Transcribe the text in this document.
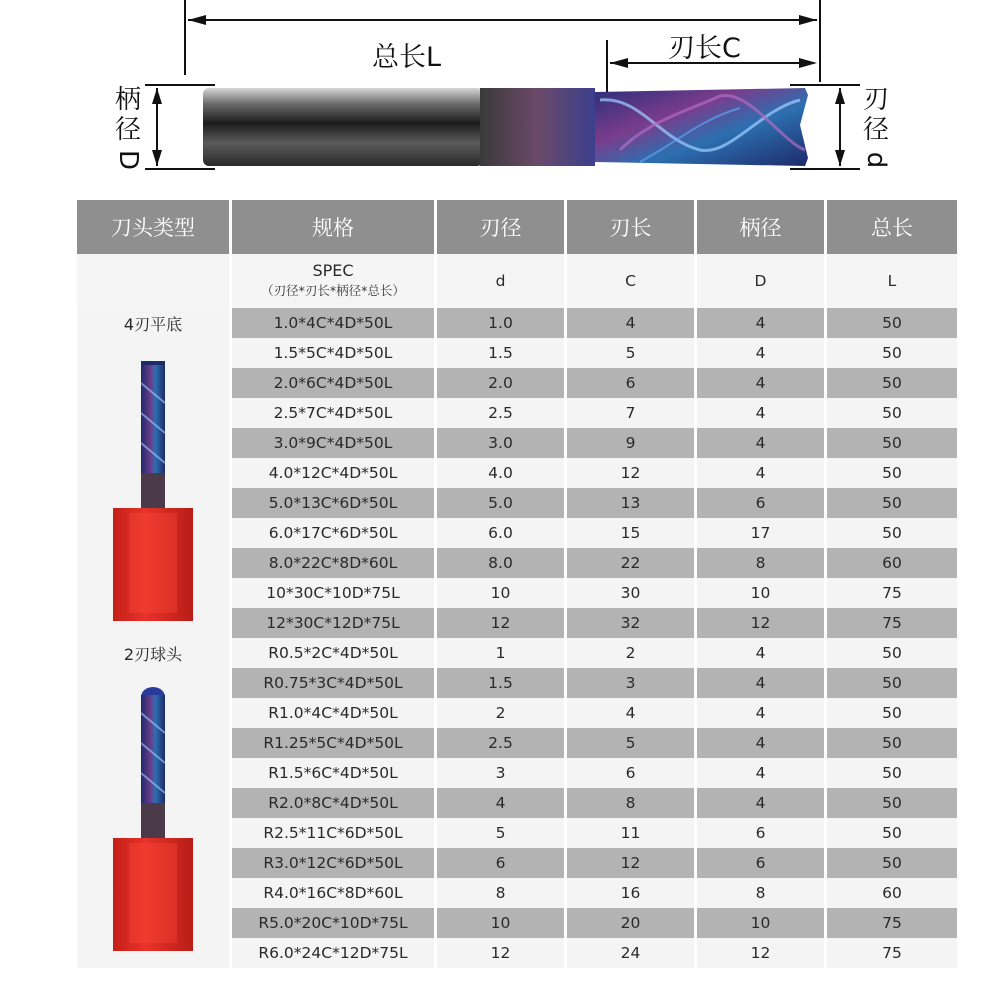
总长L	刃长C
柄
径
D
刃
径
d
刀头类型	规格	刃径	刃长	柄径	总长

	SPEC
（刃径*刃长*柄径*总长）	d	C	D	L
4刃平底	1.0*4C*4D*50L	1.0	4	4	50

	1.5*5C*4D*50L	1.5	5	4	50
	2.0*6C*4D*50L	2.0	6	4	50
	2.5*7C*4D*50L	2.5	7	4	50
	3.0*9C*4D*50L	3.0	9	4	50
	4.0*12C*4D*50L	4.0	12	4	50
	5.0*13C*6D*50L	5.0	13	6	50
	6.0*17C*6D*50L	6.0	15	17	50
	8.0*22C*8D*60L	8.0	22	8	60
	10*30C*10D*75L	10	30	10	75
	12*30C*12D*75L	12	32	12	75
2刃球头	R0.5*2C*4D*50L	1	2	4	50

	R0.75*3C*4D*50L	1.5	3	4	50
	R1.0*4C*4D*50L	2	4	4	50
	R1.25*5C*4D*50L	2.5	5	4	50
	R1.5*6C*4D*50L	3	6	4	50
	R2.0*8C*4D*50L	4	8	4	50
	R2.5*11C*6D*50L	5	11	6	50
	R3.0*12C*6D*50L	6	12	6	50
	R4.0*16C*8D*60L	8	16	8	60
	R5.0*20C*10D*75L	10	20	10	75
	R6.0*24C*12D*75L	12	24	12	75
